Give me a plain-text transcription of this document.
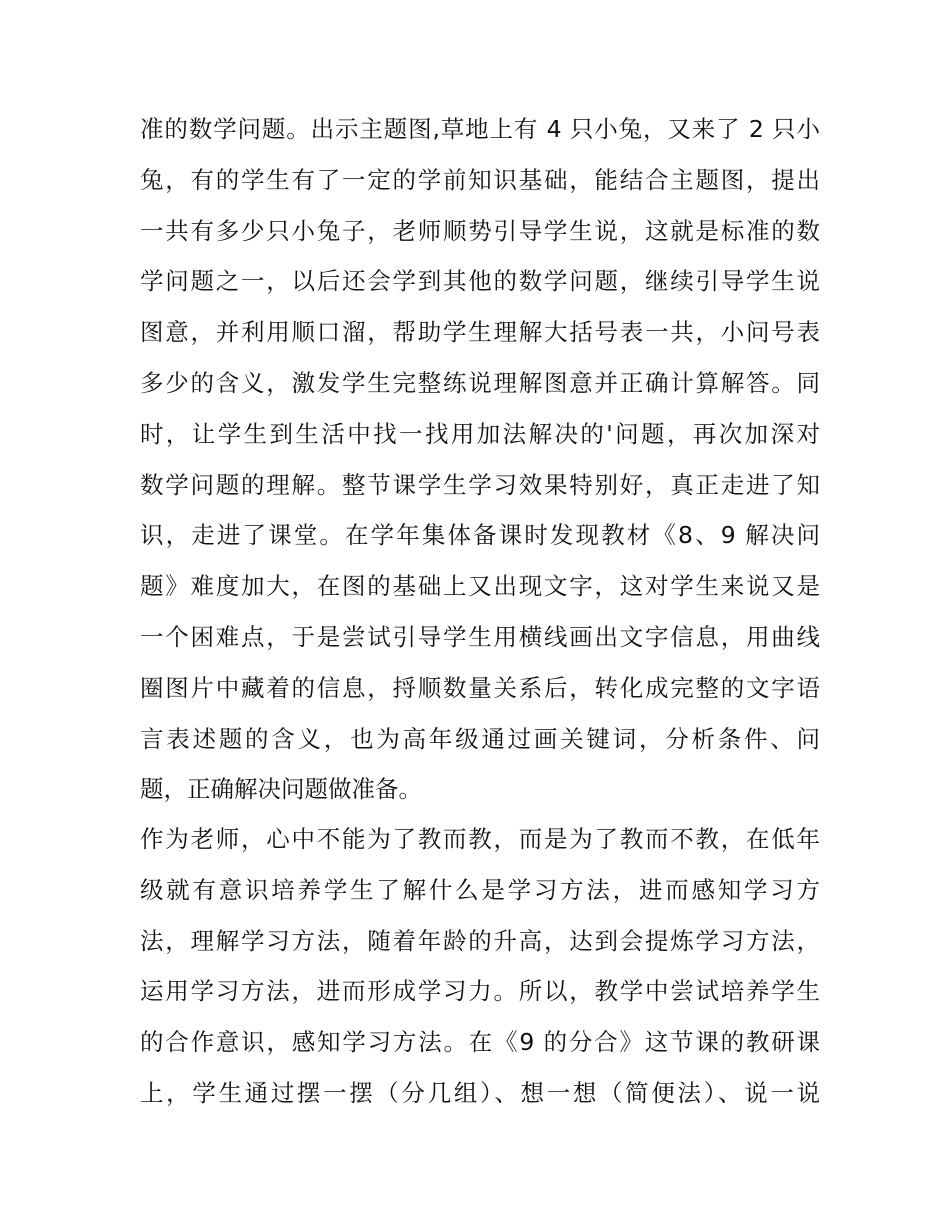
准的数学问题。出示主题图,草地上有 4 只小兔，又来了 2 只小
兔，有的学生有了一定的学前知识基础，能结合主题图，提出
一共有多少只小兔子，老师顺势引导学生说，这就是标准的数
学问题之一，以后还会学到其他的数学问题，继续引导学生说
图意，并利用顺口溜，帮助学生理解大括号表一共，小问号表
多少的含义，激发学生完整练说理解图意并正确计算解答。同
时，让学生到生活中找一找用加法解决的'问题，再次加深对
数学问题的理解。整节课学生学习效果特别好，真正走进了知
识，走进了课堂。在学年集体备课时发现教材《8、9 解决问
题》难度加大，在图的基础上又出现文字，这对学生来说又是
一个困难点，于是尝试引导学生用横线画出文字信息，用曲线
圈图片中藏着的信息，捋顺数量关系后，转化成完整的文字语
言表述题的含义，也为高年级通过画关键词，分析条件、问
题，正确解决问题做准备。
作为老师，心中不能为了教而教，而是为了教而不教，在低年
级就有意识培养学生了解什么是学习方法，进而感知学习方
法，理解学习方法，随着年龄的升高，达到会提炼学习方法，
运用学习方法，进而形成学习力。所以，教学中尝试培养学生
的合作意识，感知学习方法。在《9 的分合》这节课的教研课
上，学生通过摆一摆（分几组）、想一想（简便法）、说一说
